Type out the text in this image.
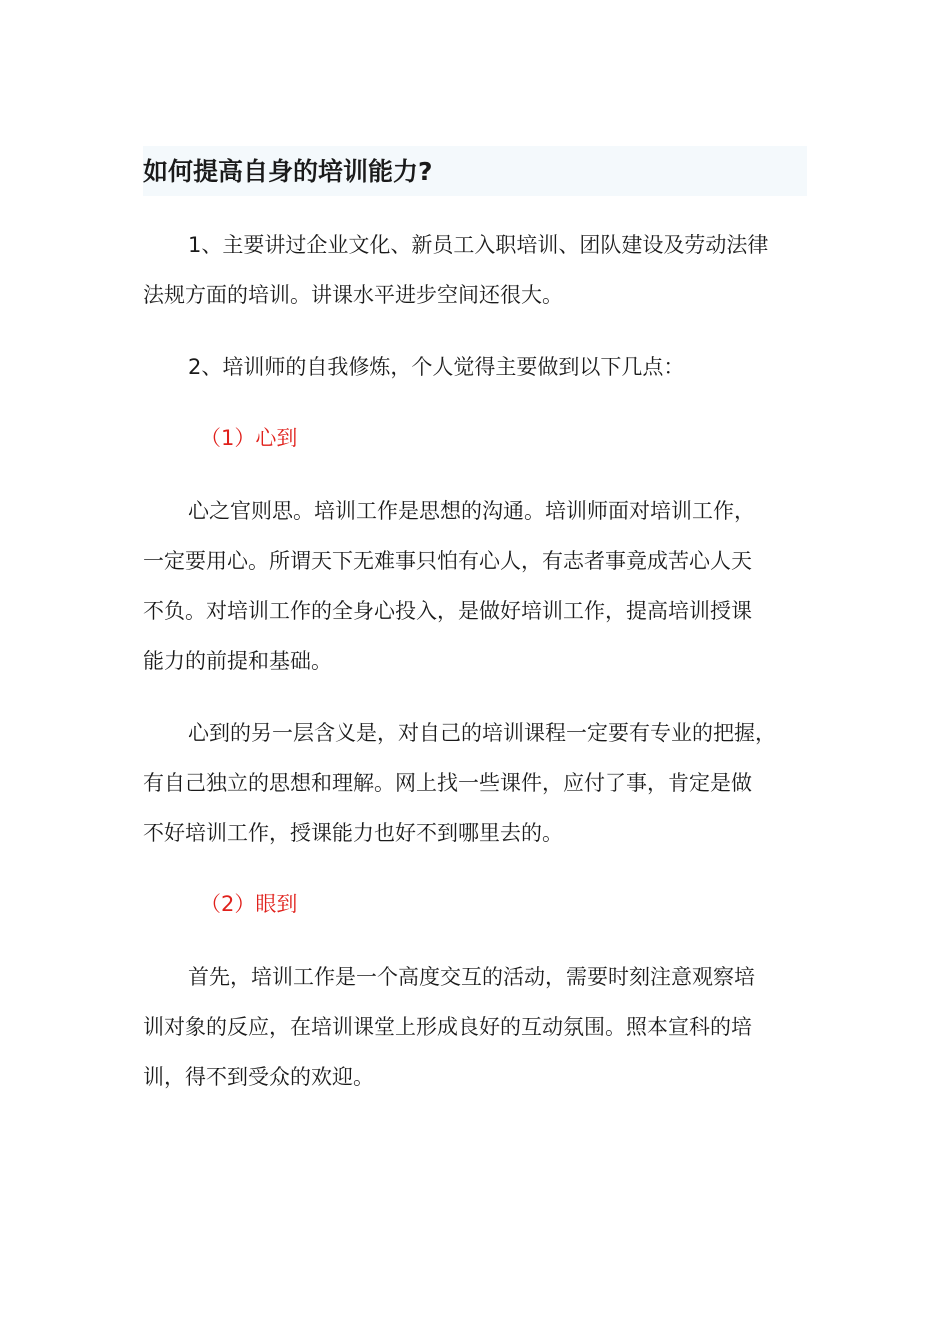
如何提高自身的培训能力?
1、主要讲过企业文化、新员工入职培训、团队建设及劳动法律
法规方面的培训。讲课水平进步空间还很大。
2、培训师的自我修炼，个人觉得主要做到以下几点：
（1）心到
心之官则思。培训工作是思想的沟通。培训师面对培训工作，
一定要用心。所谓天下无难事只怕有心人，有志者事竟成苦心人天
不负。对培训工作的全身心投入，是做好培训工作，提高培训授课
能力的前提和基础。
心到的另一层含义是，对自己的培训课程一定要有专业的把握，
有自己独立的思想和理解。网上找一些课件，应付了事，肯定是做
不好培训工作，授课能力也好不到哪里去的。
（2）眼到
首先，培训工作是一个高度交互的活动，需要时刻注意观察培
训对象的反应，在培训课堂上形成良好的互动氛围。照本宣科的培
训，得不到受众的欢迎。
